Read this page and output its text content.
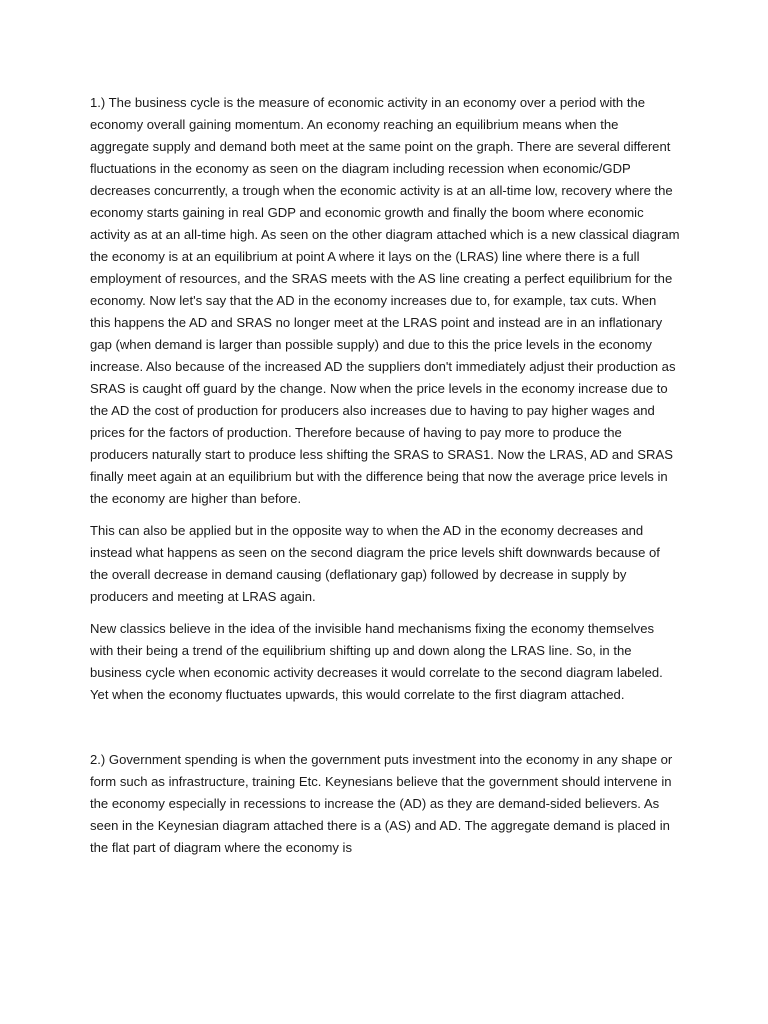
1.) The business cycle is the measure of economic activity in an economy over a period with the economy overall gaining momentum. An economy reaching an equilibrium means when the aggregate supply and demand both meet at the same point on the graph. There are several different fluctuations in the economy as seen on the diagram including recession when economic/GDP decreases concurrently, a trough when the economic activity is at an all-time low, recovery where the economy starts gaining in real GDP and economic growth and finally the boom where economic activity as at an all-time high. As seen on the other diagram attached which is a new classical diagram the economy is at an equilibrium at point A where it lays on the (LRAS) line where there is a full employment of resources, and the SRAS meets with the AS line creating a perfect equilibrium for the economy. Now let's say that the AD in the economy increases due to, for example, tax cuts. When this happens the AD and SRAS no longer meet at the LRAS point and instead are in an inflationary gap (when demand is larger than possible supply) and due to this the price levels in the economy increase. Also because of the increased AD the suppliers don't immediately adjust their production as SRAS is caught off guard by the change. Now when the price levels in the economy increase due to the AD the cost of production for producers also increases due to having to pay higher wages and prices for the factors of production. Therefore because of having to pay more to produce the producers naturally start to produce less shifting the SRAS to SRAS1. Now the LRAS, AD and SRAS finally meet again at an equilibrium but with the difference being that now the average price levels in the economy are higher than before.

This can also be applied but in the opposite way to when the AD in the economy decreases and instead what happens as seen on the second diagram the price levels shift downwards because of the overall decrease in demand causing (deflationary gap) followed by decrease in supply by producers and meeting at LRAS again.

New classics believe in the idea of the invisible hand mechanisms fixing the economy themselves with their being a trend of the equilibrium shifting up and down along the LRAS line. So, in the business cycle when economic activity decreases it would correlate to the second diagram labeled. Yet when the economy fluctuates upwards, this would correlate to the first diagram attached.

2.) Government spending is when the government puts investment into the economy in any shape or form such as infrastructure, training Etc. Keynesians believe that the government should intervene in the economy especially in recessions to increase the (AD) as they are demand-sided believers. As seen in the Keynesian diagram attached there is a (AS) and AD. The aggregate demand is placed in the flat part of diagram where the economy is
